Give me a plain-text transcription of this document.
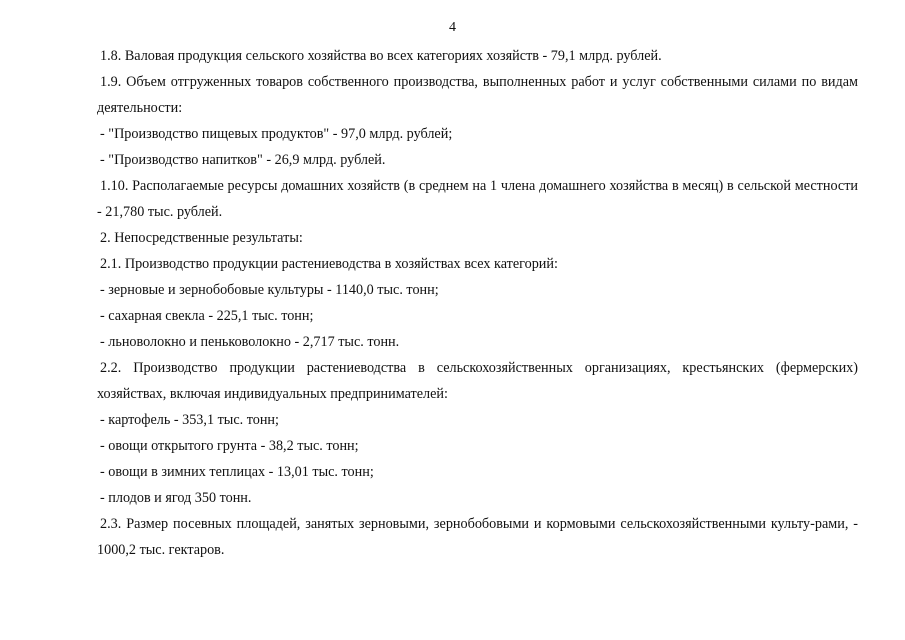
4

1.8. Валовая продукция сельского хозяйства во всех категориях хозяйств - 79,1 млрд. рублей.

1.9. Объем отгруженных товаров собственного производства, выполненных работ и услуг собственными силами по видам деятельности:

- "Производство пищевых продуктов" - 97,0 млрд. рублей;

- "Производство напитков" - 26,9 млрд. рублей.

1.10. Располагаемые ресурсы домашних хозяйств (в среднем на 1 члена домашнего хозяйства в месяц) в сельской местности - 21,780 тыс. рублей.

2. Непосредственные результаты:

2.1. Производство продукции растениеводства в хозяйствах всех категорий:

- зерновые и зернобобовые культуры - 1140,0 тыс. тонн;

- сахарная свекла - 225,1 тыс. тонн;

- льноволокно и пеньковолокно - 2,717 тыс. тонн.

2.2. Производство продукции растениеводства в сельскохозяйственных организациях, крестьянских (фермерских) хозяйствах, включая индивидуальных предпринимателей:

- картофель - 353,1 тыс. тонн;

- овощи открытого грунта - 38,2 тыс. тонн;

- овощи в зимних теплицах - 13,01 тыс. тонн;

- плодов и ягод 350 тонн.

2.3. Размер посевных площадей, занятых зерновыми, зернобобовыми и кормовыми сельскохозяйственными культу-рами, - 1000,2 тыс. гектаров.
